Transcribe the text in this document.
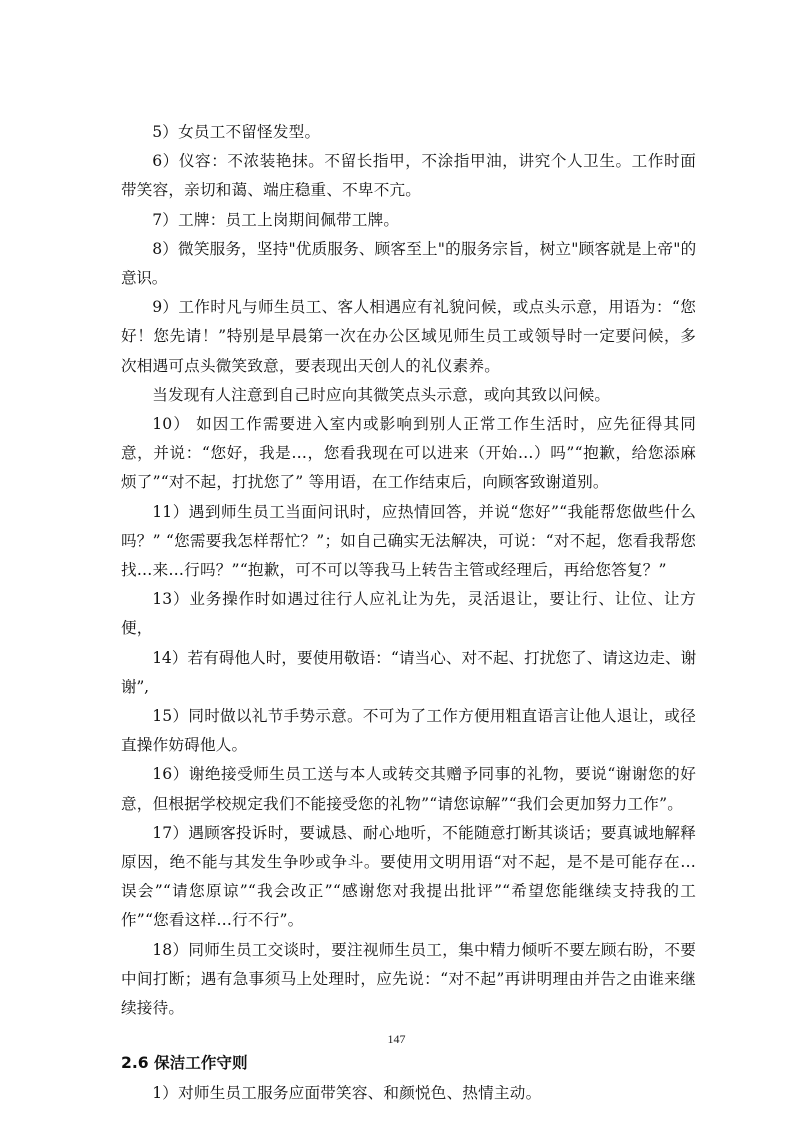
5）女员工不留怪发型。

6）仪容：不浓装艳抹。不留长指甲，不涂指甲油，讲究个人卫生。工作时面带笑容，亲切和蔼、端庄稳重、不卑不亢。

7）工牌：员工上岗期间佩带工牌。

8）微笑服务，坚持"优质服务、顾客至上"的服务宗旨，树立"顾客就是上帝"的意识。

9）工作时凡与师生员工、客人相遇应有礼貌问候，或点头示意，用语为：“您好！您先请！”特别是早晨第一次在办公区域见师生员工或领导时一定要问候，多次相遇可点头微笑致意，要表现出天创人的礼仪素养。

当发现有人注意到自己时应向其微笑点头示意，或向其致以问候。

10） 如因工作需要进入室内或影响到别人正常工作生活时，应先征得其同意，并说：“您好，我是…，您看我现在可以进来（开始…）吗”“抱歉，给您添麻烦了”“对不起，打扰您了” 等用语，在工作结束后，向顾客致谢道别。

11）遇到师生员工当面问讯时，应热情回答，并说“您好”“我能帮您做些什么吗？” “您需要我怎样帮忙？”；如自己确实无法解决，可说：“对不起，您看我帮您找…来…行吗？”“抱歉，可不可以等我马上转告主管或经理后，再给您答复？”

13）业务操作时如遇过往行人应礼让为先，灵活退让，要让行、让位、让方便，

14）若有碍他人时，要使用敬语：“请当心、对不起、打扰您了、请这边走、谢谢”,

15）同时做以礼节手势示意。不可为了工作方便用粗直语言让他人退让，或径直操作妨碍他人。

16）谢绝接受师生员工送与本人或转交其赠予同事的礼物，要说“谢谢您的好意，但根据学校规定我们不能接受您的礼物”“请您谅解”“我们会更加努力工作”。

17）遇顾客投诉时，要诚恳、耐心地听，不能随意打断其谈话；要真诚地解释原因，绝不能与其发生争吵或争斗。要使用文明用语“对不起，是不是可能存在…误会”“请您原谅”“我会改正”“感谢您对我提出批评”“希望您能继续支持我的工作”“您看这样…行不行”。

18）同师生员工交谈时，要注视师生员工，集中精力倾听不要左顾右盼，不要中间打断；遇有急事须马上处理时，应先说：“对不起”再讲明理由并告之由谁来继续接待。

2.6 保洁工作守则

1）对师生员工服务应面带笑容、和颜悦色、热情主动。

147
